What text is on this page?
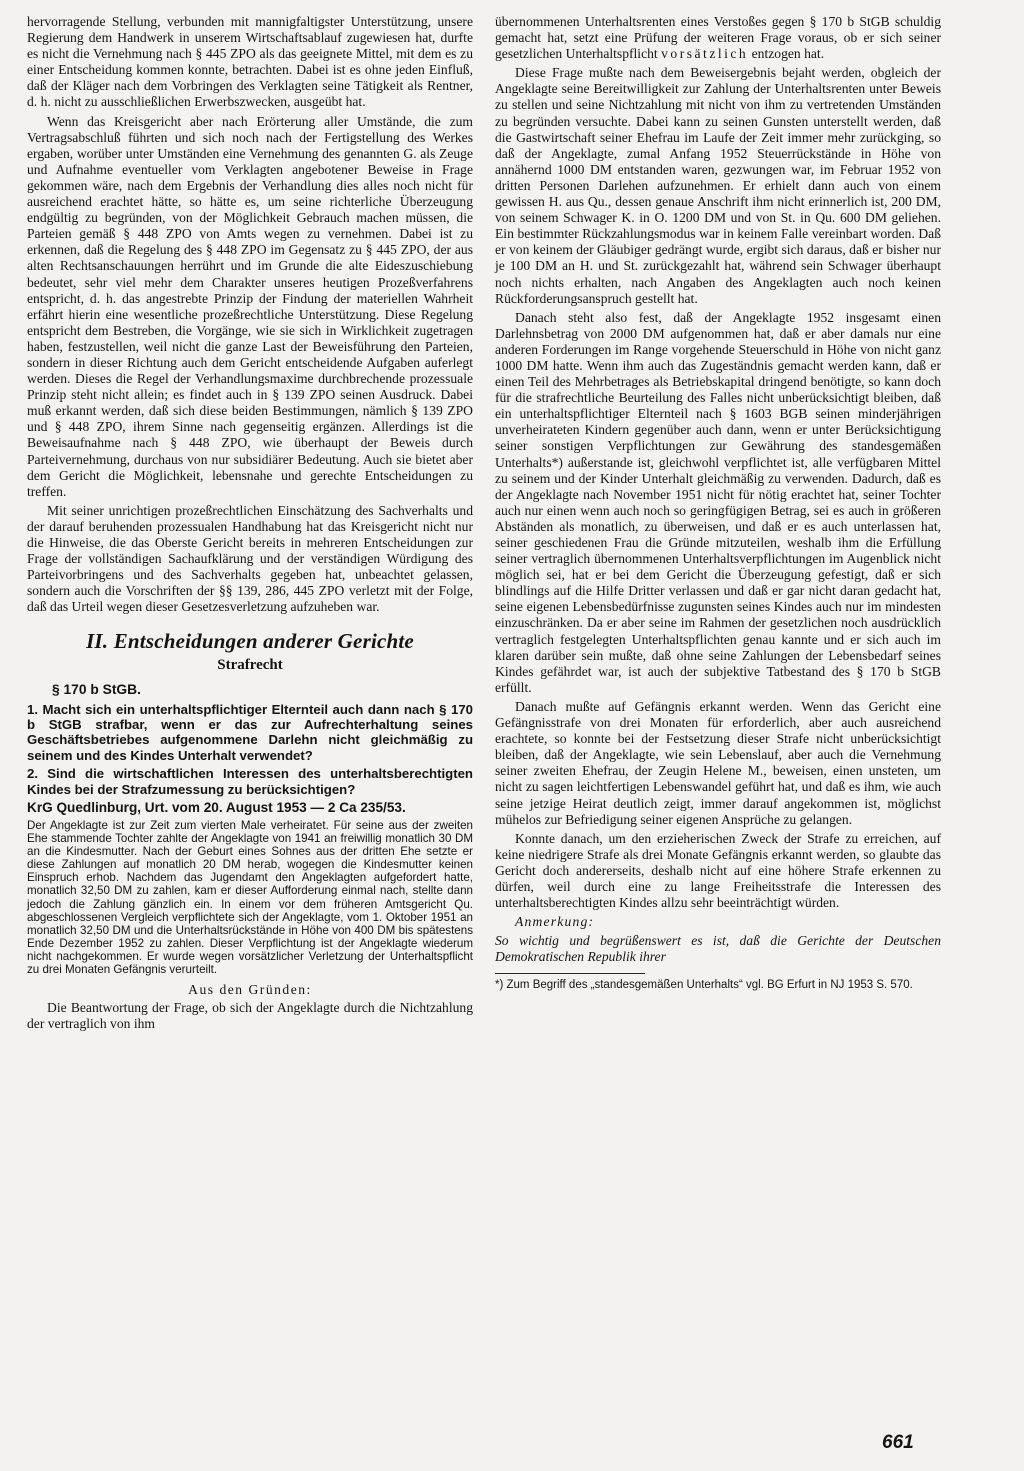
hervorragende Stellung, verbunden mit mannigfaltigster Unterstützung, unsere Regierung dem Handwerk in unserem Wirtschaftsablauf zugewiesen hat, durfte es nicht die Vernehmung nach § 445 ZPO als das geeignete Mittel, mit dem es zu einer Entscheidung kommen konnte, betrachten. Dabei ist es ohne jeden Einfluß, daß der Kläger nach dem Vorbringen des Verklagten seine Tätigkeit als Rentner, d. h. nicht zu ausschließlichen Erwerbszwecken, ausgeübt hat.

Wenn das Kreisgericht aber nach Erörterung aller Umstände, die zum Vertragsabschluß führten und sich noch nach der Fertigstellung des Werkes ergaben, worüber unter Umständen eine Vernehmung des genannten G. als Zeuge und Aufnahme eventueller vom Verklagten angebotener Beweise in Frage gekommen wäre, nach dem Ergebnis der Verhandlung dies alles noch nicht für ausreichend erachtet hätte, so hätte es, um seine richterliche Überzeugung endgültig zu begründen, von der Möglichkeit Gebrauch machen müssen, die Parteien gemäß § 448 ZPO von Amts wegen zu vernehmen. Dabei ist zu erkennen, daß die Regelung des § 448 ZPO im Gegensatz zu § 445 ZPO, der aus alten Rechtsanschauungen herrührt und im Grunde die alte Eideszuschiebung bedeutet, sehr viel mehr dem Charakter unseres heutigen Prozeßverfahrens entspricht, d. h. das angestrebte Prinzip der Findung der materiellen Wahrheit erfährt hierin eine wesentliche prozeßrechtliche Unterstützung. Diese Regelung entspricht dem Bestreben, die Vorgänge, wie sie sich in Wirklichkeit zugetragen haben, festzustellen, weil nicht die ganze Last der Beweisführung den Parteien, sondern in dieser Richtung auch dem Gericht entscheidende Aufgaben auferlegt werden. Dieses die Regel der Verhandlungsmaxime durchbrechende prozessuale Prinzip steht nicht allein; es findet auch in § 139 ZPO seinen Ausdruck. Dabei muß erkannt werden, daß sich diese beiden Bestimmungen, nämlich § 139 ZPO und § 448 ZPO, ihrem Sinne nach gegenseitig ergänzen. Allerdings ist die Beweisaufnahme nach § 448 ZPO, wie überhaupt der Beweis durch Parteivernehmung, durchaus von nur subsidiärer Bedeutung. Auch sie bietet aber dem Gericht die Möglichkeit, lebensnahe und gerechte Entscheidungen zu treffen.

Mit seiner unrichtigen prozeßrechtlichen Einschätzung des Sachverhalts und der darauf beruhenden prozessualen Handhabung hat das Kreisgericht nicht nur die Hinweise, die das Oberste Gericht bereits in mehreren Entscheidungen zur Frage der vollständigen Sachaufklärung und der verständigen Würdigung des Parteivorbringens und des Sachverhalts gegeben hat, unbeachtet gelassen, sondern auch die Vorschriften der §§ 139, 286, 445 ZPO verletzt mit der Folge, daß das Urteil wegen dieser Gesetzesverletzung aufzuheben war.

II. Entscheidungen anderer Gerichte
Strafrecht
§ 170 b StGB.

1. Macht sich ein unterhaltspflichtiger Elternteil auch dann nach § 170 b StGB strafbar, wenn er das zur Aufrechterhaltung seines Geschäftsbetriebes aufgenommene Darlehn nicht gleichmäßig zu seinem und des Kindes Unterhalt verwendet?

2. Sind die wirtschaftlichen Interessen des unterhaltsberechtigten Kindes bei der Strafzumessung zu berücksichtigen?

KrG Quedlinburg, Urt. vom 20. August 1953 — 2 Ca 235/53.

Der Angeklagte ist zur Zeit zum vierten Male verheiratet. Für seine aus der zweiten Ehe stammende Tochter zahlte der Angeklagte von 1941 an freiwillig monatlich 30 DM an die Kindesmutter. Nach der Geburt eines Sohnes aus der dritten Ehe setzte er diese Zahlungen auf monatlich 20 DM herab, wogegen die Kindesmutter keinen Einspruch erhob. Nachdem das Jugendamt den Angeklagten aufgefordert hatte, monatlich 32,50 DM zu zahlen, kam er dieser Aufforderung einmal nach, stellte dann jedoch die Zahlung gänzlich ein. In einem vor dem früheren Amtsgericht Qu. abgeschlossenen Vergleich verpflichtete sich der Angeklagte, vom 1. Oktober 1951 an monatlich 32,50 DM und die Unterhaltsrückstände in Höhe von 400 DM bis spätestens Ende Dezember 1952 zu zahlen. Dieser Verpflichtung ist der Angeklagte wiederum nicht nachgekommen. Er wurde wegen vorsätzlicher Verletzung der Unterhaltspflicht zu drei Monaten Gefängnis verurteilt.

Aus den Gründen:

Die Beantwortung der Frage, ob sich der Angeklagte durch die Nichtzahlung der vertraglich von ihm

übernommenen Unterhaltsrenten eines Verstoßes gegen § 170 b StGB schuldig gemacht hat, setzt eine Prüfung der weiteren Frage voraus, ob er sich seiner gesetzlichen Unterhaltspflicht vorsätzlich entzogen hat.

Diese Frage mußte nach dem Beweisergebnis bejaht werden, obgleich der Angeklagte seine Bereitwilligkeit zur Zahlung der Unterhaltsrenten unter Beweis zu stellen und seine Nichtzahlung mit nicht von ihm zu vertretenden Umständen zu begründen versuchte. Dabei kann zu seinen Gunsten unterstellt werden, daß die Gastwirtschaft seiner Ehefrau im Laufe der Zeit immer mehr zurückging, so daß der Angeklagte, zumal Anfang 1952 Steuerrückstände in Höhe von annähernd 1000 DM entstanden waren, gezwungen war, im Februar 1952 von dritten Personen Darlehen aufzunehmen. Er erhielt dann auch von einem gewissen H. aus Qu., dessen genaue Anschrift ihm nicht erinnerlich ist, 200 DM, von seinem Schwager K. in O. 1200 DM und von St. in Qu. 600 DM geliehen. Ein bestimmter Rückzahlungsmodus war in keinem Falle vereinbart worden. Daß er von keinem der Gläubiger gedrängt wurde, ergibt sich daraus, daß er bisher nur je 100 DM an H. und St. zurückgezahlt hat, während sein Schwager überhaupt noch nichts erhalten, nach Angaben des Angeklagten auch noch keinen Rückforderungsanspruch gestellt hat.

Danach steht also fest, daß der Angeklagte 1952 insgesamt einen Darlehnsbetrag von 2000 DM aufgenommen hat, daß er aber damals nur eine anderen Forderungen im Range vorgehende Steuerschuld in Höhe von nicht ganz 1000 DM hatte. Wenn ihm auch das Zugeständnis gemacht werden kann, daß er einen Teil des Mehrbetrages als Betriebskapital dringend benötigte, so kann doch für die strafrechtliche Beurteilung des Falles nicht unberücksichtigt bleiben, daß ein unterhaltspflichtiger Elternteil nach § 1603 BGB seinen minderjährigen unverheirateten Kindern gegenüber auch dann, wenn er unter Berücksichtigung seiner sonstigen Verpflichtungen zur Gewährung des standesgemäßen Unterhalts*) außerstande ist, gleichwohl verpflichtet ist, alle verfügbaren Mittel zu seinem und der Kinder Unterhalt gleichmäßig zu verwenden. Dadurch, daß es der Angeklagte nach November 1951 nicht für nötig erachtet hat, seiner Tochter auch nur einen wenn auch noch so geringfügigen Betrag, sei es auch in größeren Abständen als monatlich, zu überweisen, und daß er es auch unterlassen hat, seiner geschiedenen Frau die Gründe mitzuteilen, weshalb ihm die Erfüllung seiner vertraglich übernommenen Unterhaltsverpflichtungen im Augenblick nicht möglich sei, hat er bei dem Gericht die Überzeugung gefestigt, daß er sich blindlings auf die Hilfe Dritter verlassen und daß er gar nicht daran gedacht hat, seine eigenen Lebensbedürfnisse zugunsten seines Kindes auch nur im mindesten einzuschränken. Da er aber seine im Rahmen der gesetzlichen noch ausdrücklich vertraglich festgelegten Unterhaltspflichten genau kannte und er sich auch im klaren darüber sein mußte, daß ohne seine Zahlungen der Lebensbedarf seines Kindes gefährdet war, ist auch der subjektive Tatbestand des § 170 b StGB erfüllt.

Danach mußte auf Gefängnis erkannt werden. Wenn das Gericht eine Gefängnisstrafe von drei Monaten für erforderlich, aber auch ausreichend erachtete, so konnte bei der Festsetzung dieser Strafe nicht unberücksichtigt bleiben, daß der Angeklagte, wie sein Lebenslauf, aber auch die Vernehmung seiner zweiten Ehefrau, der Zeugin Helene M., beweisen, einen unsteten, um nicht zu sagen leichtfertigen Lebenswandel geführt hat, und daß es ihm, wie auch seine jetzige Heirat deutlich zeigt, immer darauf angekommen ist, möglichst mühelos zur Befriedigung seiner eigenen Ansprüche zu gelangen.

Konnte danach, um den erzieherischen Zweck der Strafe zu erreichen, auf keine niedrigere Strafe als drei Monate Gefängnis erkannt werden, so glaubte das Gericht doch andererseits, deshalb nicht auf eine höhere Strafe erkennen zu dürfen, weil durch eine zu lange Freiheitsstrafe die Interessen des unterhaltsberechtigten Kindes allzu sehr beeinträchtigt würden.

Anmerkung:

So wichtig und begrüßenswert es ist, daß die Gerichte der Deutschen Demokratischen Republik ihrer

*) Zum Begriff des „standesgemäßen Unterhalts“ vgl. BG Erfurt in NJ 1953 S. 570.

661
